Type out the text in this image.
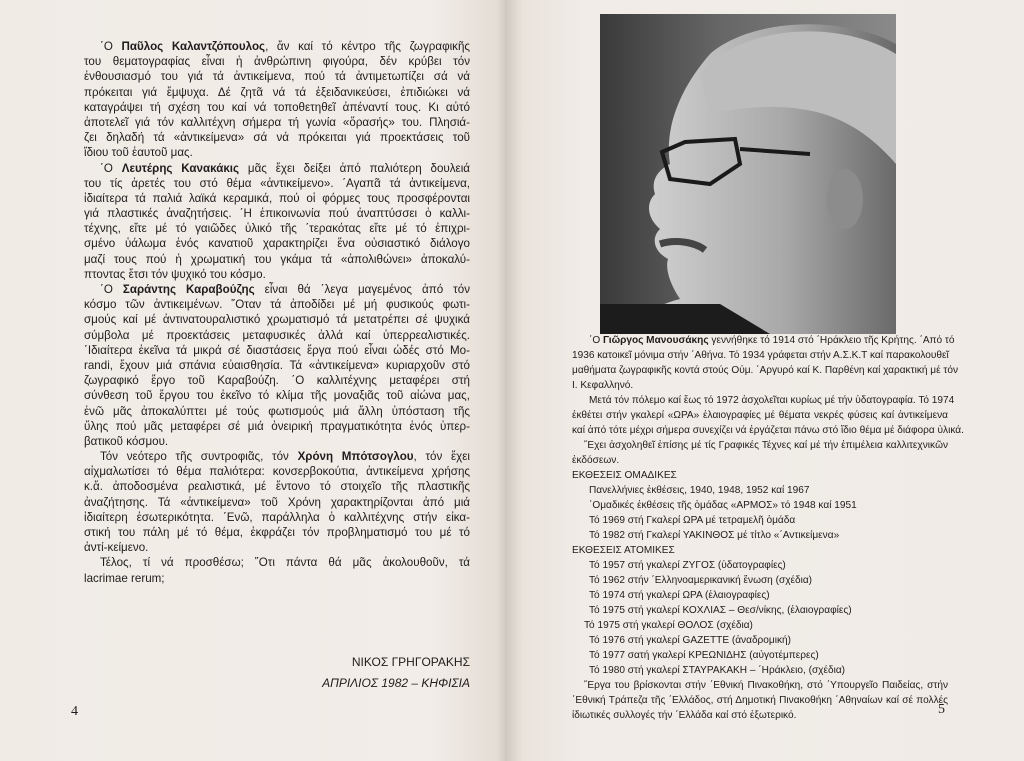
΄Ο Παῦλος Καλαντζόπουλος, ἄν καί τό κέντρο τῆς ζωγραφικῆς
του θεματογραφίας εἶναι ἡ ἀνθρώπινη φιγούρα, δέν κρύβει τόν
ἐνθουσιασμό του γιά τά ἀντικείμενα, πού τά ἀντιμετωπίζει σά νά
πρόκειται γιά ἔμψυχα. Δέ ζητᾶ νά τά ἐξειδανικεύσει, ἐπιδιώκει νά
καταγράψει τή σχέση του καί νά τοποθετηθεῖ ἀπέναντί τους. Κι αὐτό
ἀποτελεῖ γιά τόν καλλιτέχνη σήμερα τή γωνία «ὅρασής» του. Πλησιά-
ζει δηλαδή τά «ἀντικείμενα» σά νά πρόκειται γιά προεκτάσεις τοῦ
ἴδιου τοῦ ἑαυτοῦ μας.
΄Ο Λευτέρης Κανακάκις μᾶς ἔχει δείξει ἀπό παλιότερη δουλειά
του τίς ἀρετές του στό θέμα «ἀντικείμενο». ΄Αγαπᾶ τά ἀντικείμενα,
ἰδιαίτερα τά παλιά λαϊκά κεραμικά, πού οἱ φόρμες τους προσφέρονται
γιά πλαστικές ἀναζητήσεις. ΄Η ἐπικοινωνία πού ἀναπτύσσει ὁ καλλι-
τέχνης, εἴτε μέ τό γαιῶδες ὑλικό τῆς ΄τερακότας εἴτε μέ τό ἐπιχρι-
σμένο ὑάλωμα ἑνός κανατιοῦ χαρακτηρίζει ἕνα οὐσιαστικό διάλογο
μαζί τους πού ἡ χρωματική του γκάμα τά «ἀπολιθώνει» ἀποκαλύ-
πτοντας ἔτσι τόν ψυχικό του κόσμο.
΄Ο Σαράντης Καραβούζης εἶναι θά ΄λεγα μαγεμένος ἀπό τόν
κόσμο τῶν ἀντικειμένων. ῞Οταν τά ἀποδίδει μέ μή φυσικούς φωτι-
σμούς καί μέ ἀντινατουραλιστικό χρωματισμό τά μετατρέπει σέ ψυχικά
σύμβολα μέ προεκτάσεις μεταφυσικές ἀλλά καί ὑπερρεαλιστικές.
΄Ιδιαίτερα ἐκεῖνα τά μικρά σέ διαστάσεις ἔργα πού εἶναι ὠδές στό Mo-
randi, ἔχουν μιά σπάνια εὐαισθησία. Τά «ἀντικείμενα» κυριαρχοῦν στό
ζωγραφικό ἔργο τοῦ Καραβούζη. ΄Ο καλλιτέχνης μεταφέρει στή
σύνθεση τοῦ ἔργου του ἐκεῖνο τό κλίμα τῆς μοναξιᾶς τοῦ αἰώνα μας,
ἐνῶ μᾶς ἀποκαλύπτει μέ τούς φωτισμούς μιά ἄλλη ὑπόσταση τῆς
ὕλης πού μᾶς μεταφέρει σέ μιά ὀνειρική πραγματικότητα ἑνός ὑπερ-
βατικοῦ κόσμου.
Τόν νεότερο τῆς συντροφιᾶς, τόν Χρόνη Μπότσογλου, τόν ἔχει
αἰχμαλωτίσει τό θέμα παλιότερα: κονσερβοκούτια, ἀντικείμενα χρήσης
κ.ἄ. ἀποδοσμένα ρεαλιστικά, μέ ἔντονο τό στοιχεῖο τῆς πλαστικῆς
ἀναζήτησης. Τά «ἀντικείμενα» τοῦ Χρόνη χαρακτηρίζονται ἀπό μιά
ἰδιαίτερη ἐσωτερικότητα. ΄Ενῶ, παράλληλα ὁ καλλιτέχνης στήν εἰκα-
στική του πάλη μέ τό θέμα, ἐκφράζει τόν προβληματισμό του μέ τό
ἀντί-κείμενο.
Τέλος, τί νά προσθέσω; ῞Οτι πάντα θά μᾶς ἀκολουθοῦν, τά
lacrimae rerum;
ΝΙΚΟΣ ΓΡΗΓΟΡΑΚΗΣ
ΑΠΡΙΛΙΟΣ 1982 – ΚΗΦΙΣΙΑ
4	5
΄Ο Γιῶργος Μανουσάκης γεννήθηκε τό 1914 στό ΄Ηράκλειο τῆς Κρήτης. ΄Από τό
1936 κατοικεῖ μόνιμα στήν ΄Αθήνα. Τό 1934 γράφεται στήν Α.Σ.Κ.Τ καί παρακολουθεῖ
μαθήματα ζωγραφικῆς κοντά στούς Οὐμ. ΄Αργυρό καί Κ. Παρθένη καί χαρακτική μέ τόν
Ι. Κεφαλληνό.
Μετά τόν πόλεμο καί ἕως τό 1972 ἀσχολεῖται κυρίως μέ τήν ὑδατογραφία. Τό 1974
ἐκθέτει στήν γκαλερί «ΩΡΑ» ἐλαιογραφίες μέ θέματα νεκρές φύσεις καί ἀντικείμενα
καί ἀπό τότε μέχρι σήμερα συνεχίζει νά ἐργάζεται πάνω στό ἴδιο θέμα μέ διάφορα ὑλικά.
῎Εχει ἀσχοληθεῖ ἐπίσης μέ τίς Γραφικές Τέχνες καί μέ τήν ἐπιμέλεια καλλιτεχνικῶν
ἐκδόσεων.
ΕΚΘΕΣΕΙΣ ΟΜΑΔΙΚΕΣ
Πανελλήνιες ἐκθέσεις, 1940, 1948, 1952 καί 1967
΄Ομαδικές ἐκθέσεις τῆς ὁμάδας «ΑΡΜΟΣ» τό 1948 καί 1951
Τό 1969 στή Γκαλερί ΩΡΑ μέ τετραμελῆ ὁμάδα
Τό 1982 στή Γκαλερί ΥΑΚΙΝΘΟΣ μέ τίτλο «΄Αντικείμενα»
ΕΚΘΕΣΕΙΣ ΑΤΟΜΙΚΕΣ
Τό 1957 στή γκαλερί ΖΥΓΟΣ (ὑδατογραφίες)
Τό 1962 στήν ΄Ελληνοαμερικανική ἔνωση (σχέδια)
Τό 1974 στή γκαλερί ΩΡΑ (ἐλαιογραφίες)
Τό 1975 στή γκαλερί ΚΟΧΛΙΑΣ – Θεσ/νίκης, (ἐλαιογραφίες)
Τό 1975 στή γκαλερί ΘΟΛΟΣ (σχέδια)
Τό 1976 στή γκαλερί GAZETTE (ἀναδρομική)
Τό 1977 σατή γκαλερί ΚΡΕΩΝΙΔΗΣ (αὐγοτέμπερες)
Τό 1980 στή γκαλερί ΣΤΑΥΡΑΚΑΚΗ – ΄Ηράκλειο, (σχέδια)
῎Εργα του βρίσκονται στήν ΄Εθνική Πινακοθήκη, στό ΄Υπουργεῖο Παιδείας, στήν
΄Εθνική Τράπεζα τῆς ΄Ελλάδος, στή Δημοτική Πινακοθήκη ΄Αθηναίων καί σέ πολλές
ἰδιωτικές συλλογές τήν ΄Ελλάδα καί στό ἐξωτερικό.
